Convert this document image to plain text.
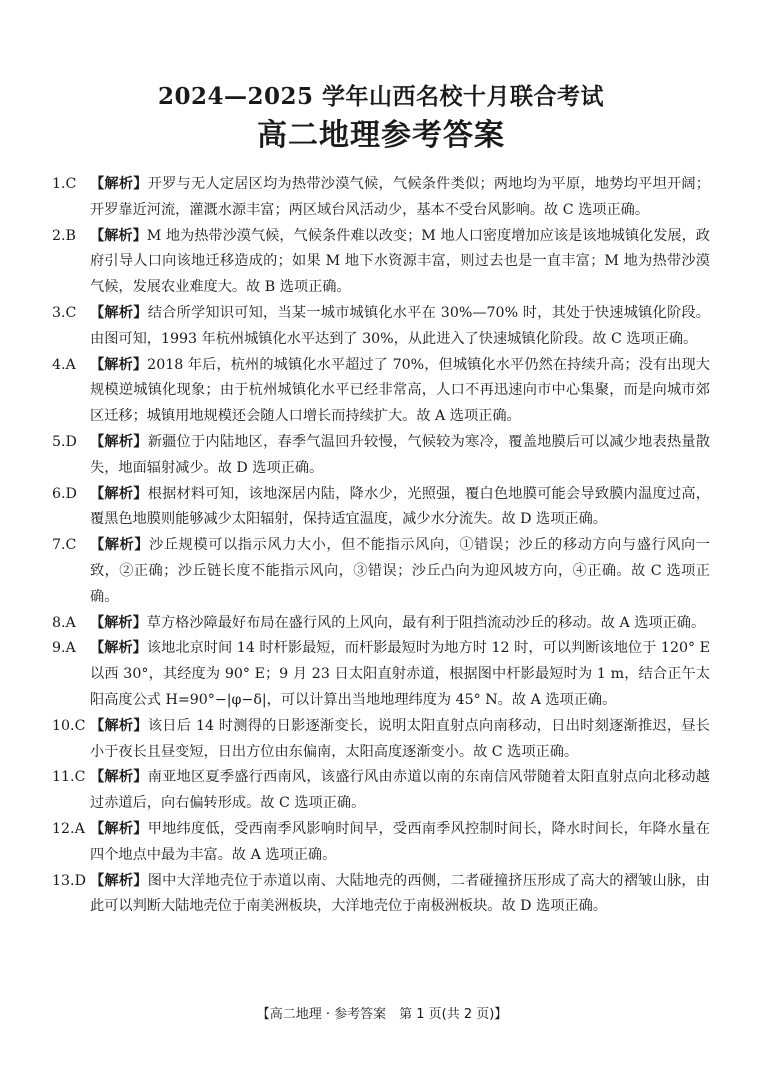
2024—2025 学年山西名校十月联合考试
高二地理参考答案
1.C 【解析】开罗与无人定居区均为热带沙漠气候，气候条件类似；两地均为平原，地势均平坦开阔；开罗靠近河流，灌溉水源丰富；两区域台风活动少，基本不受台风影响。故 C 选项正确。
2.B 【解析】M 地为热带沙漠气候，气候条件难以改变；M 地人口密度增加应该是该地城镇化发展，政府引导人口向该地迁移造成的；如果 M 地下水资源丰富，则过去也是一直丰富；M 地为热带沙漠气候，发展农业难度大。故 B 选项正确。
3.C 【解析】结合所学知识可知，当某一城市城镇化水平在 30%—70% 时，其处于快速城镇化阶段。由图可知，1993 年杭州城镇化水平达到了 30%，从此进入了快速城镇化阶段。故 C 选项正确。
4.A	【解析】2018 年后，杭州的城镇化水平超过了 70%，但城镇化水平仍然在持续升高；没有出现大规模逆城镇化现象；由于杭州城镇化水平已经非常高，人口不再迅速向市中心集聚，而是向城市郊区迁移；城镇用地规模还会随人口增长而持续扩大。故 A 选项正确。
5.D 【解析】新疆位于内陆地区，春季气温回升较慢，气候较为寒冷，覆盖地膜后可以减少地表热量散失，地面辐射减少。故 D 选项正确。
6.D 【解析】根据材料可知，该地深居内陆，降水少，光照强，覆白色地膜可能会导致膜内温度过高，覆黑色地膜则能够减少太阳辐射，保持适宜温度，减少水分流失。故 D 选项正确。
7.C 【解析】沙丘规模可以指示风力大小，但不能指示风向，①错误；沙丘的移动方向与盛行风向一致，②正确；沙丘链长度不能指示风向，③错误；沙丘凸向为迎风坡方向，④正确。故 C 选项正确。
8.A	【解析】草方格沙障最好布局在盛行风的上风向，最有利于阻挡流动沙丘的移动。故 A 选项正确。
9.A	【解析】该地北京时间 14 时杆影最短，而杆影最短时为地方时 12 时，可以判断该地位于 120° E 以西 30°，其经度为 90° E；9 月 23 日太阳直射赤道，根据图中杆影最短时为 1 m，结合正午太阳高度公式 H=90°−|φ−δ|，可以计算出当地地理纬度为 45° N。故 A 选项正确。
10.C 【解析】该日后 14 时测得的日影逐渐变长，说明太阳直射点向南移动，日出时刻逐渐推迟，昼长小于夜长且昼变短，日出方位由东偏南，太阳高度逐渐变小。故 C 选项正确。
11.C 【解析】南亚地区夏季盛行西南风，该盛行风由赤道以南的东南信风带随着太阳直射点向北移动越过赤道后，向右偏转形成。故 C 选项正确。
12.A 【解析】甲地纬度低，受西南季风影响时间早，受西南季风控制时间长，降水时间长，年降水量在四个地点中最为丰富。故 A 选项正确。
13.D 【解析】图中大洋地壳位于赤道以南、大陆地壳的西侧，二者碰撞挤压形成了高大的褶皱山脉，由此可以判断大陆地壳位于南美洲板块，大洋地壳位于南极洲板块。故 D 选项正确。
【高二地理 · 参考答案　第 1 页(共 2 页)】
